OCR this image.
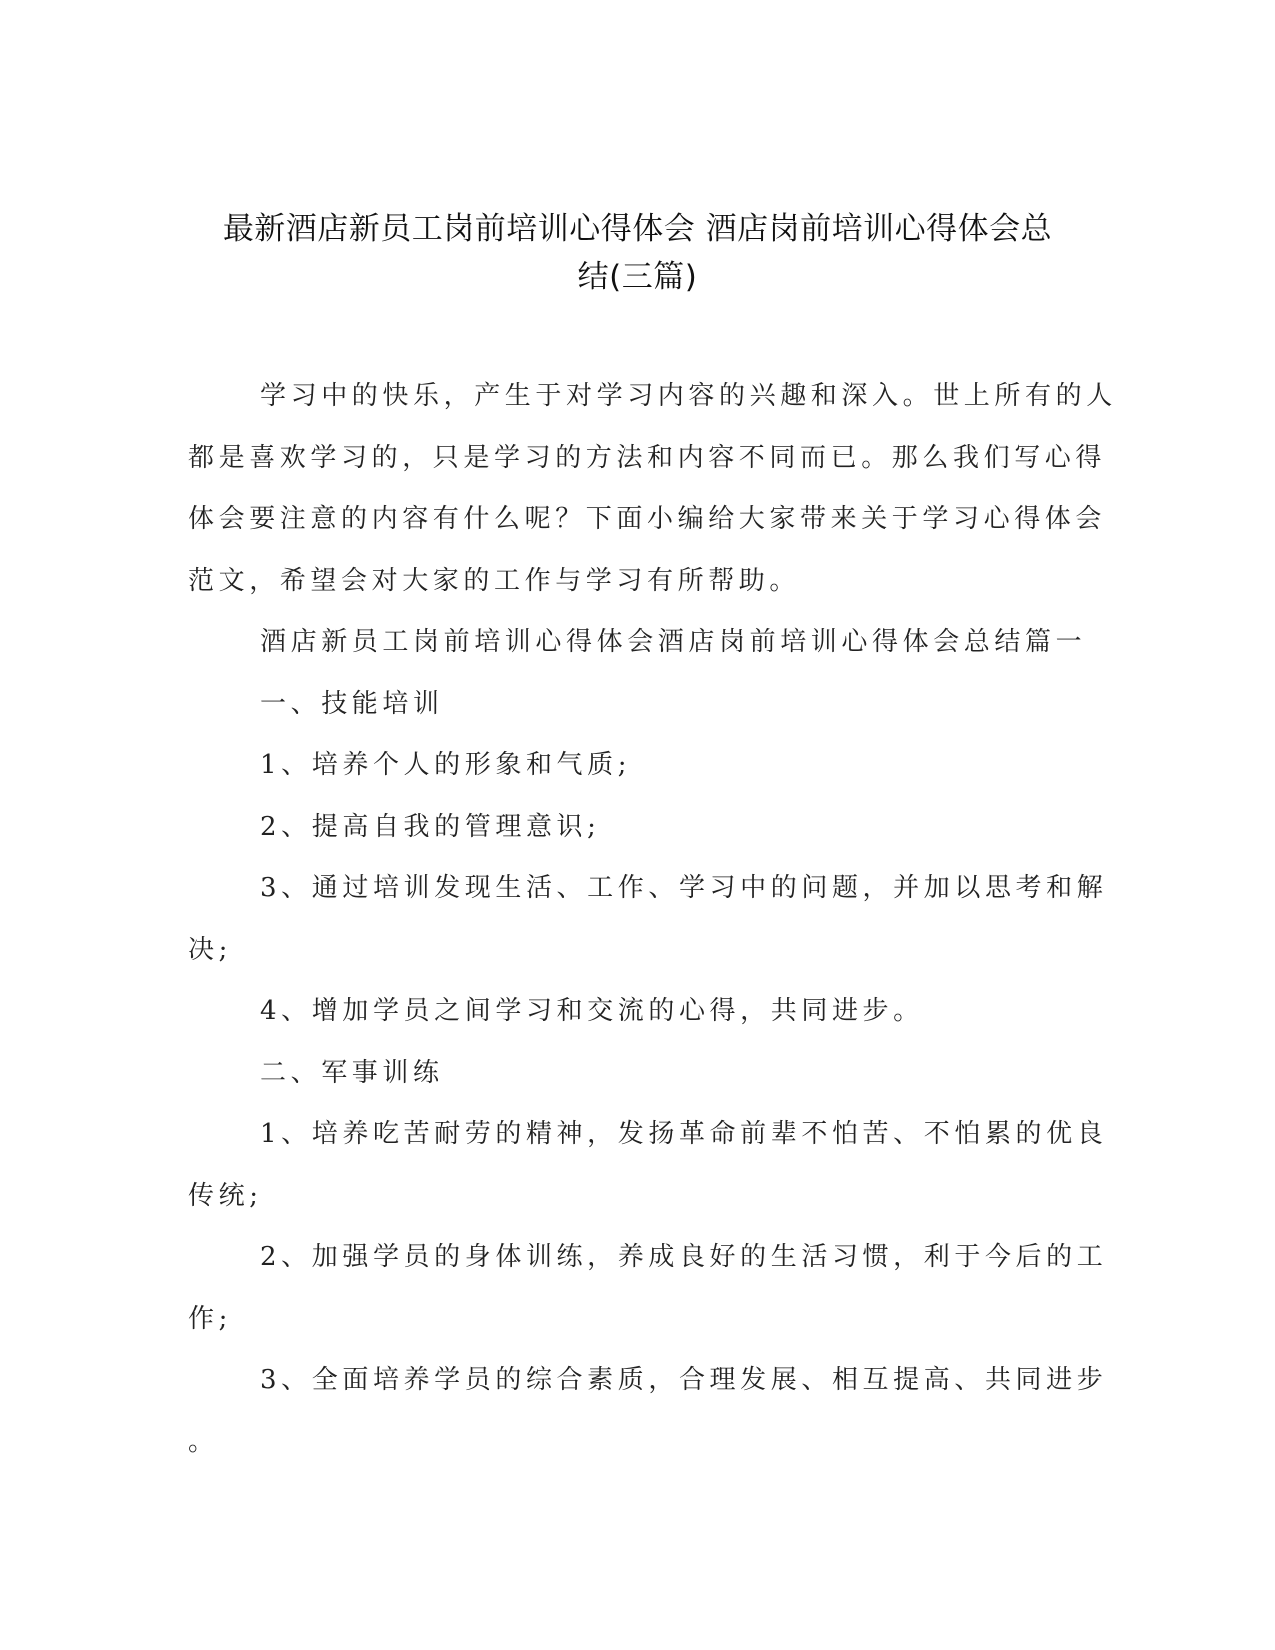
最新酒店新员工岗前培训心得体会 酒店岗前培训心得体会总
结(三篇)
学习中的快乐，产生于对学习内容的兴趣和深入。世上所有的人
都是喜欢学习的，只是学习的方法和内容不同而已。那么我们写心得
体会要注意的内容有什么呢？下面小编给大家带来关于学习心得体会
范文，希望会对大家的工作与学习有所帮助。
酒店新员工岗前培训心得体会酒店岗前培训心得体会总结篇一
一、技能培训
1、培养个人的形象和气质;
2、提高自我的管理意识;
3、通过培训发现生活、工作、学习中的问题，并加以思考和解
决;
4、增加学员之间学习和交流的心得，共同进步。
二、军事训练
1、培养吃苦耐劳的精神，发扬革命前辈不怕苦、不怕累的优良
传统;
2、加强学员的身体训练，养成良好的生活习惯，利于今后的工
作;
3、全面培养学员的综合素质，合理发展、相互提高、共同进步
。
